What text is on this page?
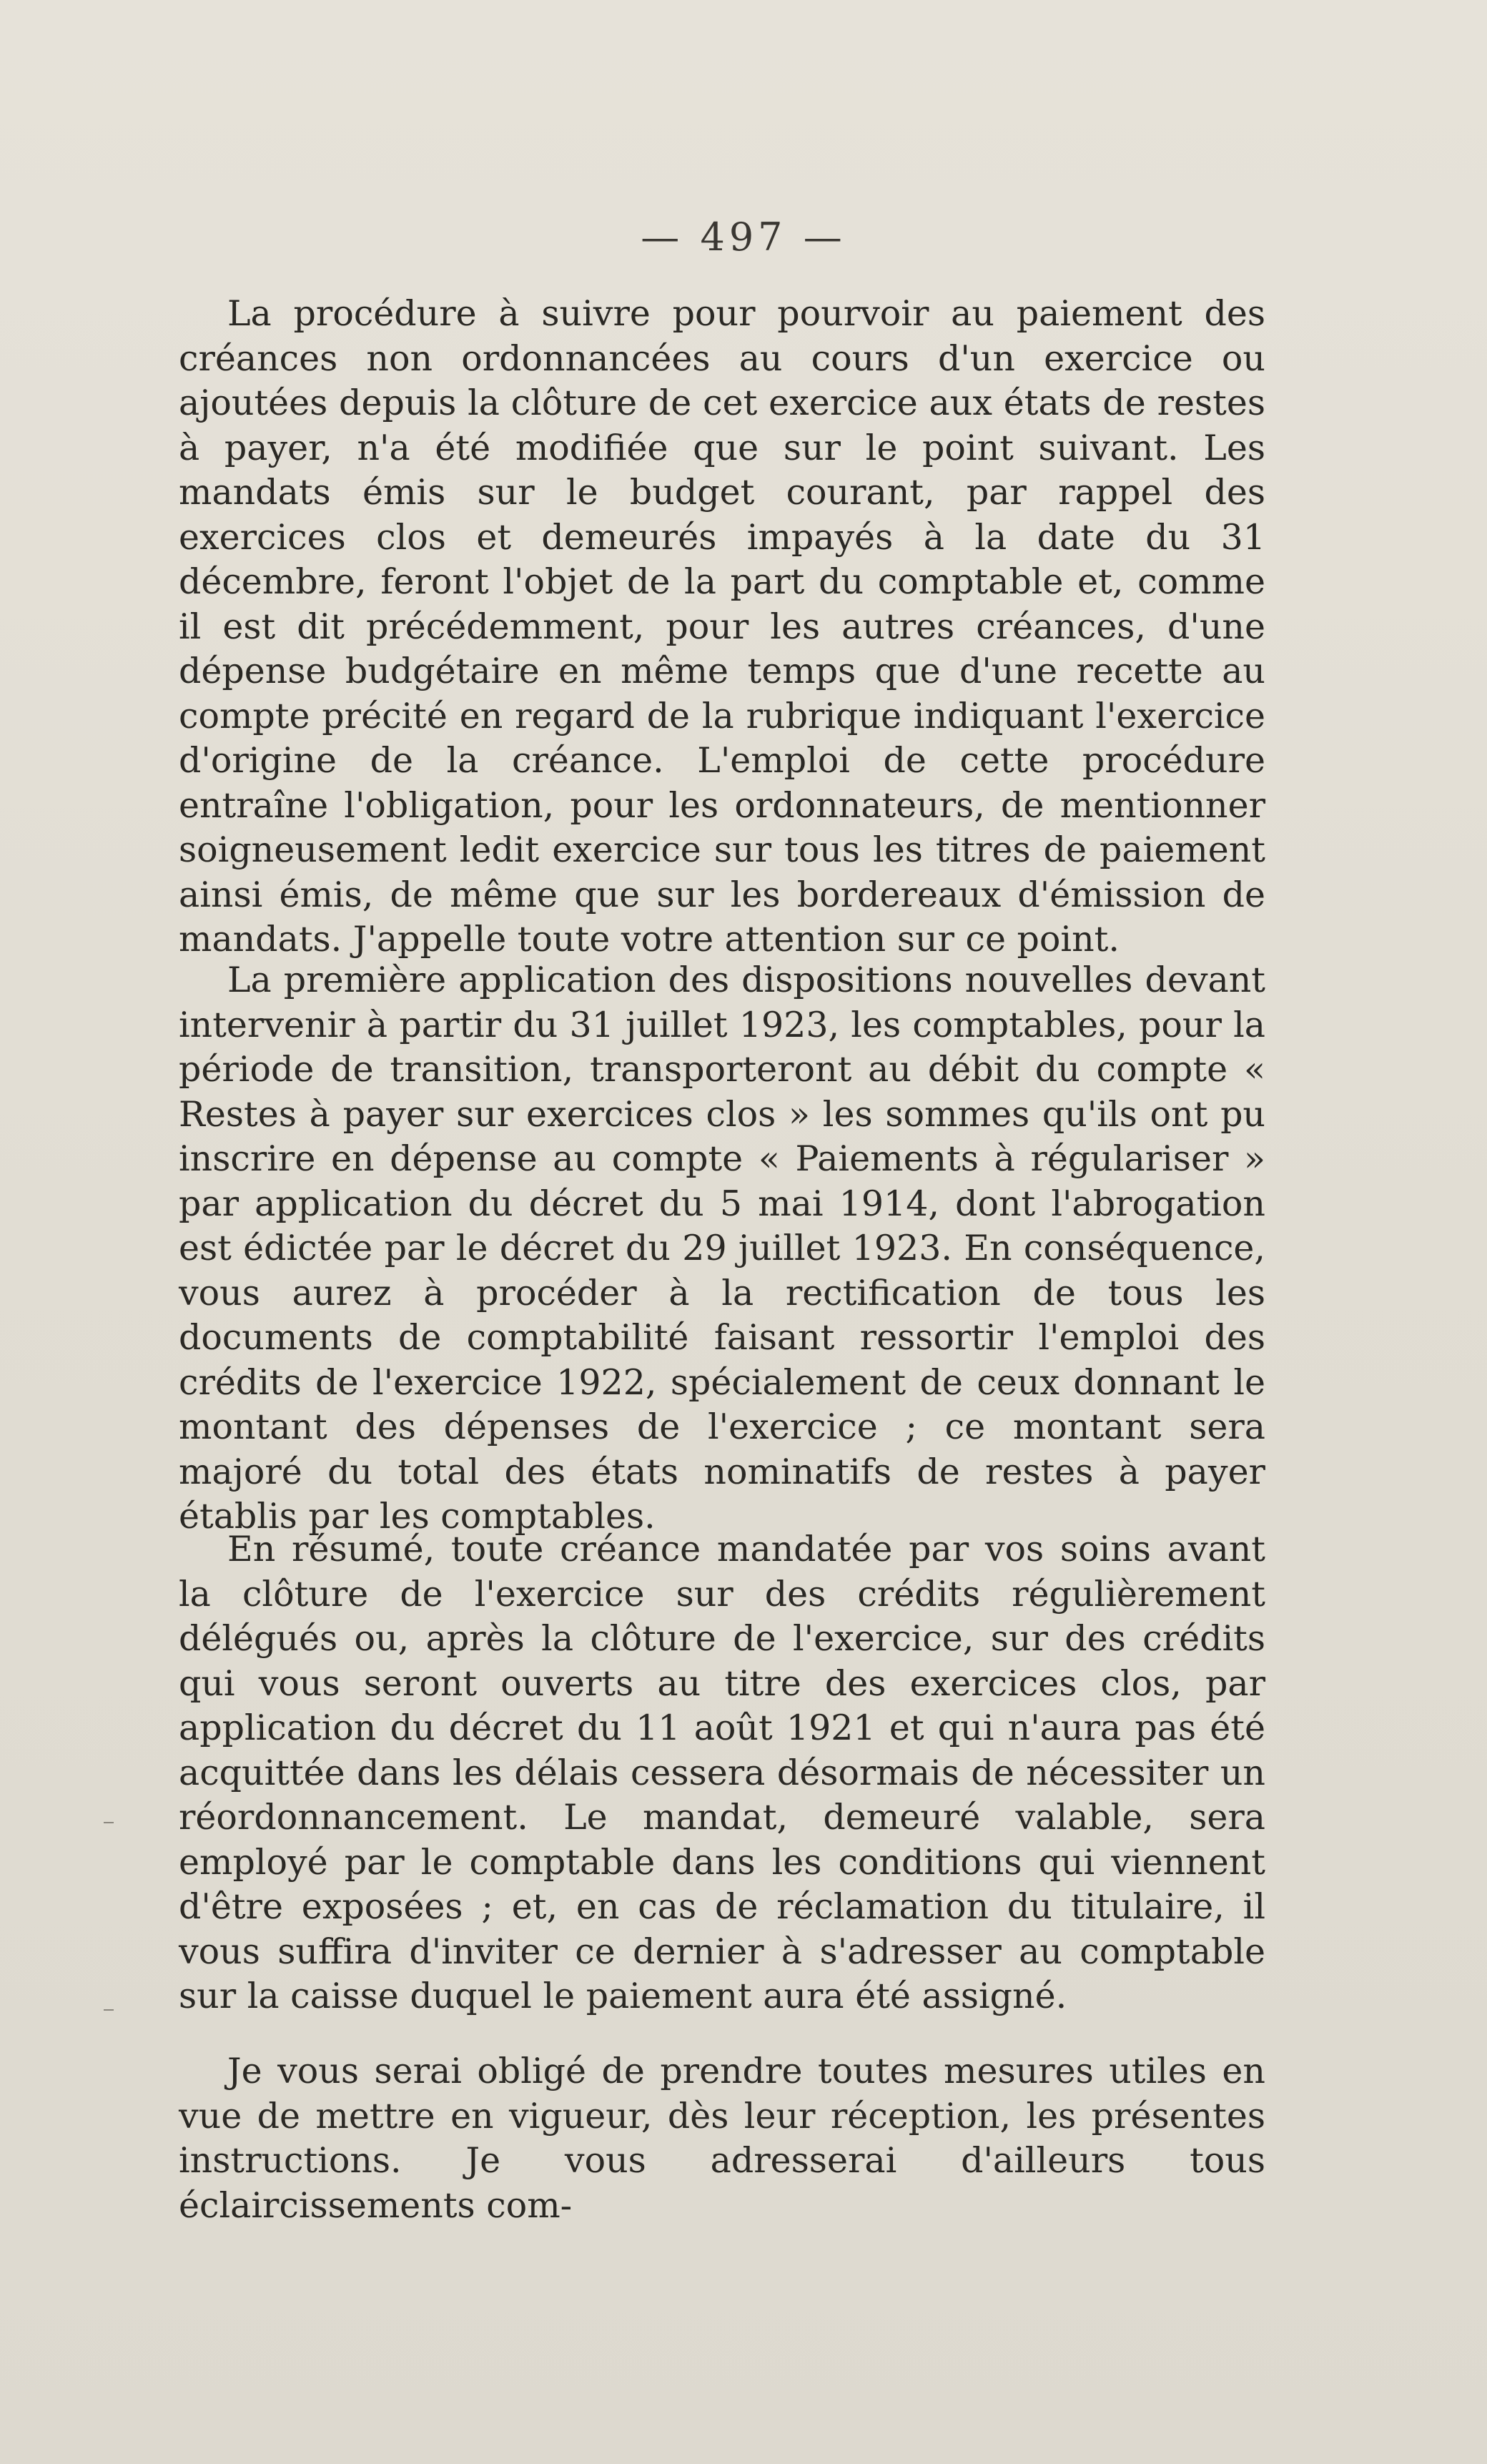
— 497 —

La procédure à suivre pour pourvoir au paiement des créances non ordonnancées au cours d'un exercice ou ajoutées depuis la clôture de cet exercice aux états de restes à payer, n'a été modifiée que sur le point suivant. Les mandats émis sur le budget courant, par rappel des exercices clos et demeurés impayés à la date du 31 décembre, feront l'objet de la part du comptable et, comme il est dit précédemment, pour les autres créances, d'une dépense budgétaire en même temps que d'une recette au compte précité en regard de la rubrique indiquant l'exercice d'origine de la créance. L'emploi de cette procédure entraîne l'obligation, pour les ordonnateurs, de mentionner soigneusement ledit exercice sur tous les titres de paiement ainsi émis, de même que sur les bordereaux d'émission de mandats. J'appelle toute votre attention sur ce point.

La première application des dispositions nouvelles devant intervenir à partir du 31 juillet 1923, les comptables, pour la période de transition, transporteront au débit du compte « Restes à payer sur exercices clos » les sommes qu'ils ont pu inscrire en dépense au compte « Paiements à régulariser » par application du décret du 5 mai 1914, dont l'abrogation est édictée par le décret du 29 juillet 1923. En conséquence, vous aurez à procéder à la rectification de tous les documents de comptabilité faisant ressortir l'emploi des crédits de l'exercice 1922, spécialement de ceux donnant le montant des dépenses de l'exercice ; ce montant sera majoré du total des états nominatifs de restes à payer établis par les comptables.

En résumé, toute créance mandatée par vos soins avant la clôture de l'exercice sur des crédits régulièrement délégués ou, après la clôture de l'exercice, sur des crédits qui vous seront ouverts au titre des exercices clos, par application du décret du 11 août 1921 et qui n'aura pas été acquittée dans les délais cessera désormais de nécessiter un réordonnancement. Le mandat, demeuré valable, sera employé par le comptable dans les conditions qui viennent d'être exposées ; et, en cas de réclamation du titulaire, il vous suffira d'inviter ce dernier à s'adresser au comptable sur la caisse duquel le paiement aura été assigné.

Je vous serai obligé de prendre toutes mesures utiles en vue de mettre en vigueur, dès leur réception, les présentes instructions. Je vous adresserai d'ailleurs tous éclaircissements com-
